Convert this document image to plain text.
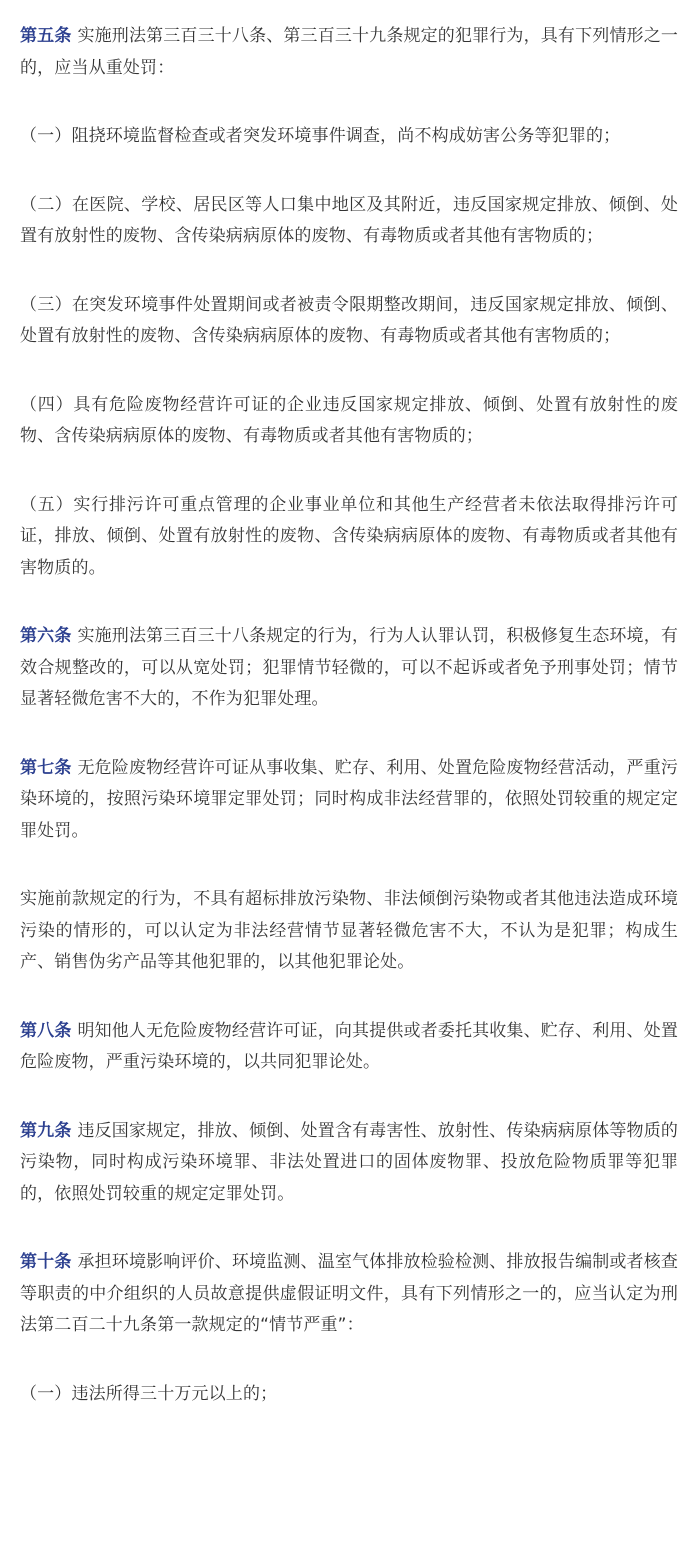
第五条 实施刑法第三百三十八条、第三百三十九条规定的犯罪行为，具有下列情形之一的，应当从重处罚：

（一）阻挠环境监督检查或者突发环境事件调查，尚不构成妨害公务等犯罪的；

（二）在医院、学校、居民区等人口集中地区及其附近，违反国家规定排放、倾倒、处置有放射性的废物、含传染病病原体的废物、有毒物质或者其他有害物质的；

（三）在突发环境事件处置期间或者被责令限期整改期间，违反国家规定排放、倾倒、处置有放射性的废物、含传染病病原体的废物、有毒物质或者其他有害物质的；

（四）具有危险废物经营许可证的企业违反国家规定排放、倾倒、处置有放射性的废物、含传染病病原体的废物、有毒物质或者其他有害物质的；

（五）实行排污许可重点管理的企业事业单位和其他生产经营者未依法取得排污许可证，排放、倾倒、处置有放射性的废物、含传染病病原体的废物、有毒物质或者其他有害物质的。

第六条 实施刑法第三百三十八条规定的行为，行为人认罪认罚，积极修复生态环境，有效合规整改的，可以从宽处罚；犯罪情节轻微的，可以不起诉或者免予刑事处罚；情节显著轻微危害不大的，不作为犯罪处理。

第七条 无危险废物经营许可证从事收集、贮存、利用、处置危险废物经营活动，严重污染环境的，按照污染环境罪定罪处罚；同时构成非法经营罪的，依照处罚较重的规定定罪处罚。

实施前款规定的行为，不具有超标排放污染物、非法倾倒污染物或者其他违法造成环境污染的情形的，可以认定为非法经营情节显著轻微危害不大，不认为是犯罪；构成生产、销售伪劣产品等其他犯罪的，以其他犯罪论处。

第八条 明知他人无危险废物经营许可证，向其提供或者委托其收集、贮存、利用、处置危险废物，严重污染环境的，以共同犯罪论处。

第九条 违反国家规定，排放、倾倒、处置含有毒害性、放射性、传染病病原体等物质的污染物，同时构成污染环境罪、非法处置进口的固体废物罪、投放危险物质罪等犯罪的，依照处罚较重的规定定罪处罚。

第十条 承担环境影响评价、环境监测、温室气体排放检验检测、排放报告编制或者核查等职责的中介组织的人员故意提供虚假证明文件，具有下列情形之一的，应当认定为刑法第二百二十九条第一款规定的“情节严重”：

（一）违法所得三十万元以上的；
